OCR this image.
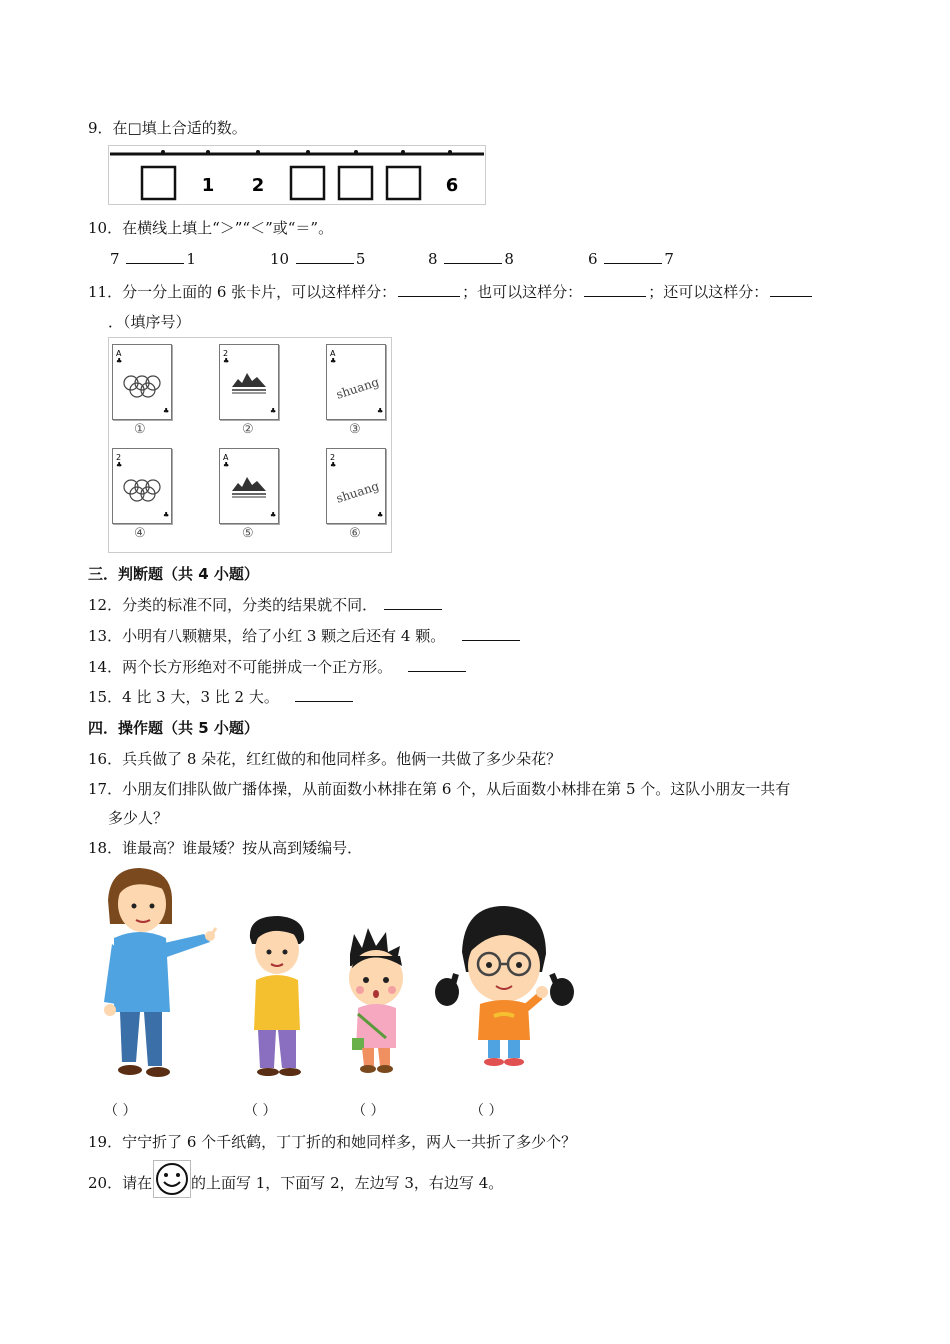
9．在□填上合适的数。
1 2	6
10．在横线上填上“＞”“＜”或“＝”。
7	1	10	5	8	8	6	7
11．分一分上面的 6 张卡片，可以这样样分：	；也可以这样分：	；还可以这样分：
．（填序号）
A
♣
♣
①
2
♣
♣
②
A
♣
shuang
♣
③
2
♣
♣
④
A
♣
♣
⑤
2
♣
shuang
♣
⑥
三．判断题（共 4 小题）
12．分类的标准不同，分类的结果就不同．
13．小明有八颗糖果，给了小红 3 颗之后还有 4 颗。
14．两个长方形绝对不可能拼成一个正方形。
15．4 比 3 大，3 比 2 大。
四．操作题（共 5 小题）
16．兵兵做了 8 朵花，红红做的和他同样多。他俩一共做了多少朵花？
17．小朋友们排队做广播体操，从前面数小林排在第 6 个，从后面数小林排在第 5 个。这队小朋友一共有
多少人？
18．谁最高？谁最矮？按从高到矮编号．
（ ）	（ ）	（ ）	（ ）
19．宁宁折了 6 个千纸鹤，丁丁折的和她同样多，两人一共折了多少个？
20．请在	的上面写 1，下面写 2，左边写 3，右边写 4。
